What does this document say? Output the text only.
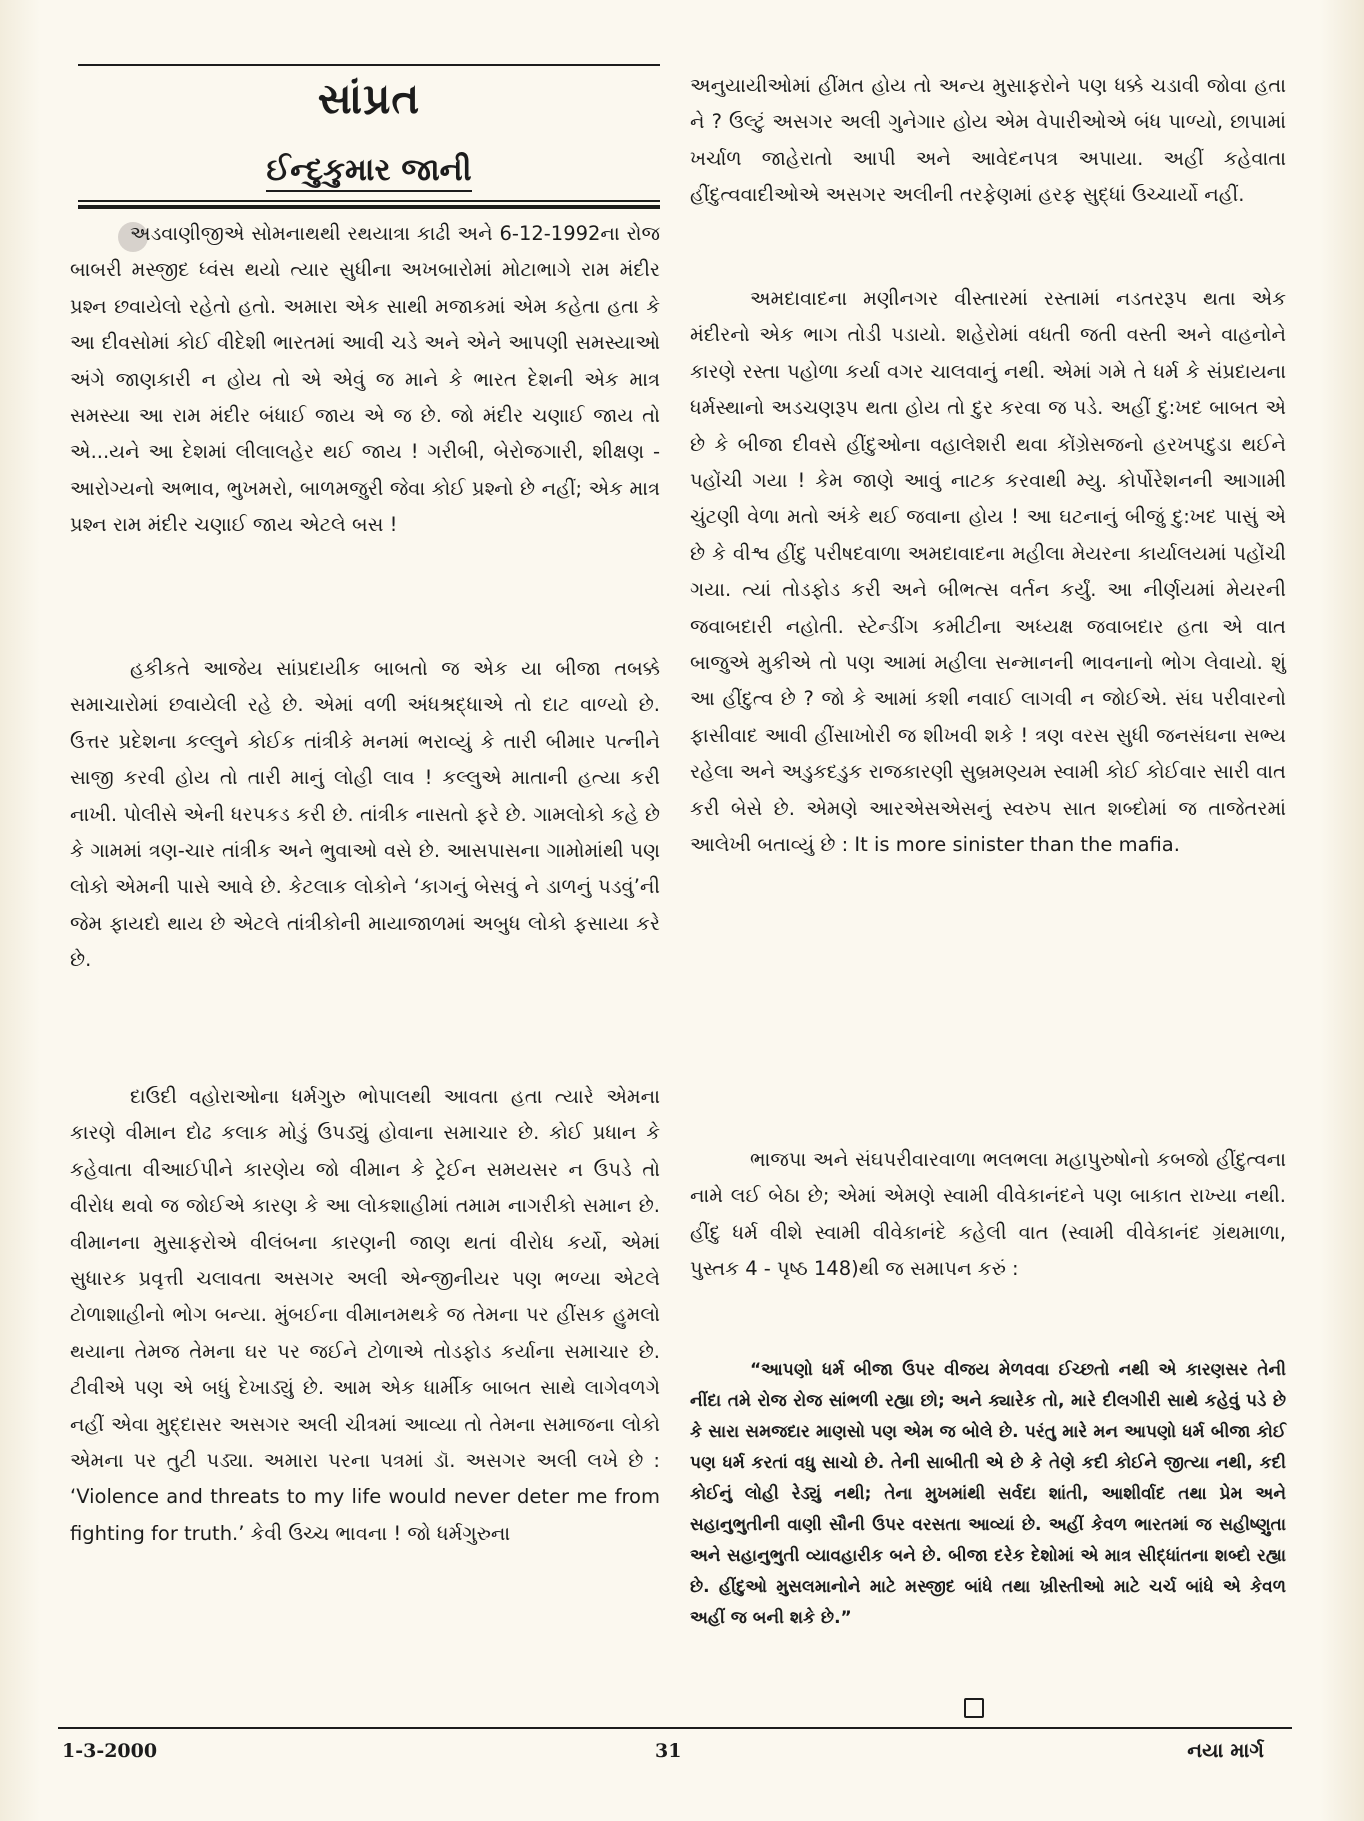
સાંપ્રત
ઈન્દુકુમાર જાની

અડવાણીજીએ સોમનાથથી રથયાત્રા કાઢી અને 6-12-1992ના રોજ બાબરી મસ્જીદ ધ્વંસ થયો ત્યાર સુધીના અખબારોમાં મોટાભાગે રામ મંદીર પ્રશ્ન છવાયેલો રહેતો હતો. અમારા એક સાથી મજાકમાં એમ કહેતા હતા કે આ દીવસોમાં કોઈ વીદેશી ભારતમાં આવી ચડે અને એને આપણી સમસ્યાઓ અંગે જાણકારી ન હોય તો એ એવું જ માને કે ભારત દેશની એક માત્ર સમસ્યા આ રામ મંદીર બંધાઈ જાય એ જ છે. જો મંદીર ચણાઈ જાય તો એ...યને આ દેશમાં લીલાલહેર થઈ જાય ! ગરીબી, બેરોજગારી, શીક્ષણ - આરોગ્યનો અભાવ, ભુખમરો, બાળમજુરી જેવા કોઈ પ્રશ્નો છે નહીં; એક માત્ર પ્રશ્ન રામ મંદીર ચણાઈ જાય એટલે બસ !

હકીકતે આજેય સાંપ્રદાયીક બાબતો જ એક યા બીજા તબક્કે સમાચારોમાં છવાયેલી રહે છે. એમાં વળી અંધશ્રદ્ધાએ તો દાટ વાળ્યો છે. ઉત્તર પ્રદેશના કલ્લુને કોઈક તાંત્રીકે મનમાં ભરાવ્યું કે તારી બીમાર પત્નીને સાજી કરવી હોય તો તારી માનું લોહી લાવ ! કલ્લુએ માતાની હત્યા કરી નાખી. પોલીસે એની ધરપકડ કરી છે. તાંત્રીક નાસતો ફરે છે. ગામલોકો કહે છે કે ગામમાં ત્રણ-ચાર તાંત્રીક અને ભુવાઓ વસે છે. આસપાસના ગામોમાંથી પણ લોકો એમની પાસે આવે છે. કેટલાક લોકોને ‘કાગનું બેસવું ને ડાળનું પડવું’ની જેમ ફાયદો થાય છે એટલે તાંત્રીકોની માયાજાળમાં અબુધ લોકો ફસાયા કરે છે.

દાઉદી વહોરાઓના ધર્મગુરુ ભોપાલથી આવતા હતા ત્યારે એમના કારણે વીમાન દોઢ કલાક મોડું ઉપડ્યું હોવાના સમાચાર છે. કોઈ પ્રધાન કે કહેવાતા વીઆઈપીને કારણેય જો વીમાન કે ટ્રેઈન સમયસર ન ઉપડે તો વીરોધ થવો જ જોઈએ કારણ કે આ લોકશાહીમાં તમામ નાગરીકો સમાન છે. વીમાનના મુસાફરોએ વીલંબના કારણની જાણ થતાં વીરોધ કર્યો, એમાં સુધારક પ્રવૃત્તી ચલાવતા અસગર અલી એન્જીનીયર પણ ભળ્યા એટલે ટોળાશાહીનો ભોગ બન્યા. મુંબઈના વીમાનમથકે જ તેમના પર હીંસક હુમલો થયાના તેમજ તેમના ઘર પર જઈને ટોળાએ તોડફોડ કર્યાના સમાચાર છે. ટીવીએ પણ એ બધું દેખાડ્યું છે. આમ એક ધાર્મીક બાબત સાથે લાગેવળગે નહીં એવા મુદ્દાસર અસગર અલી ચીત્રમાં આવ્યા તો તેમના સમાજના લોકો એમના પર તુટી પડ્યા. અમારા પરના પત્રમાં ડૉ. અસગર અલી લખે છે : ‘Violence and threats to my life would never deter me from fighting for truth.’ કેવી ઉચ્ચ ભાવના ! જો ધર્મગુરુના

અનુયાયીઓમાં હીંમત હોય તો અન્ય મુસાફરોને પણ ધક્કે ચડાવી જોવા હતા ને ? ઉલ્ટું અસગર અલી ગુનેગાર હોય એમ વેપારીઓએ બંધ પાળ્યો, છાપામાં ખર્ચાળ જાહેરાતો આપી અને આવેદનપત્ર અપાયા. અહીં કહેવાતા હીંદુત્વવાદીઓએ અસગર અલીની તરફેણમાં હરફ સુદ્ધાં ઉચ્ચાર્યો નહીં.

અમદાવાદના મણીનગર વીસ્તારમાં રસ્તામાં નડતરરૂપ થતા એક મંદીરનો એક ભાગ તોડી પડાયો. શહેરોમાં વધતી જતી વસ્તી અને વાહનોને કારણે રસ્તા પહોળા કર્યા વગર ચાલવાનું નથી. એમાં ગમે તે ધર્મ કે સંપ્રદાયના ધર્મસ્થાનો અડચણરૂપ થતા હોય તો દુર કરવા જ પડે. અહીં દુ:ખદ બાબત એ છે કે બીજા દીવસે હીંદુઓના વહાલેશરી થવા કોંગ્રેસજનો હરખપદુડા થઈને પહોંચી ગયા ! કેમ જાણે આવું નાટક કરવાથી મ્યુ. કોર્પોરેશનની આગામી ચુંટણી વેળા મતો અંકે થઈ જવાના હોય ! આ ઘટનાનું બીજું દુ:ખદ પાસું એ છે કે વીશ્વ હીંદુ પરીષદવાળા અમદાવાદના મહીલા મેયરના કાર્યાલયમાં પહોંચી ગયા. ત્યાં તોડફોડ કરી અને બીભત્સ વર્તન કર્યું. આ નીર્ણયમાં મેયરની જવાબદારી નહોતી. સ્ટેન્ડીંગ કમીટીના અધ્યક્ષ જવાબદાર હતા એ વાત બાજુએ મુકીએ તો પણ આમાં મહીલા સન્માનની ભાવનાનો ભોગ લેવાયો. શું આ હીંદુત્વ છે ? જો કે આમાં કશી નવાઈ લાગવી ન જોઈએ. સંઘ પરીવારનો ફાસીવાદ આવી હીંસાખોરી જ શીખવી શકે ! ત્રણ વરસ સુધી જનસંઘના સભ્ય રહેલા અને અડુકદડુક રાજકારણી સુબ્રમણ્યમ સ્વામી કોઈ કોઈવાર સારી વાત કરી બેસે છે. એમણે આરએસએસનું સ્વરુપ સાત શબ્દોમાં જ તાજેતરમાં આલેખી બતાવ્યું છે : It is more sinister than the mafia.

ભાજપા અને સંઘપરીવારવાળા ભલભલા મહાપુરુષોનો કબજો હીંદુત્વના નામે લઈ બેઠા છે; એમાં એમણે સ્વામી વીવેકાનંદને પણ બાકાત રાખ્યા નથી. હીંદુ ધર્મ વીશે સ્વામી વીવેકાનંદે કહેલી વાત (સ્વામી વીવેકાનંદ ગ્રંથમાળા, પુસ્તક 4 - પૃષ્ઠ 148)થી જ સમાપન કરું :

“આપણો ધર્મ બીજા ઉપર વીજય મેળવવા ઈચ્છતો નથી એ કારણસર તેની નીંદા તમે રોજ રોજ સાંભળી રહ્યા છો; અને ક્યારેક તો, મારે દીલગીરી સાથે કહેવું પડે છે કે સારા સમજદાર માણસો પણ એમ જ બોલે છે. પરંતુ મારે મન આપણો ધર્મ બીજા કોઈ પણ ધર્મ કરતાં વધુ સાચો છે. તેની સાબીતી એ છે કે તેણે કદી કોઈને જીત્યા નથી, કદી કોઈનું લોહી રેડ્યું નથી; તેના મુખમાંથી સર્વદા શાંતી, આશીર્વાદ તથા પ્રેમ અને સહાનુભુતીની વાણી સૌની ઉપર વરસતા આવ્યાં છે. અહીં કેવળ ભારતમાં જ સહીષ્ણુતા અને સહાનુભુતી વ્યાવહારીક બને છે. બીજા દરેક દેશોમાં એ માત્ર સીદ્ધાંતના શબ્દો રહ્યા છે. હીંદુઓ મુસલમાનોને માટે મસ્જીદ બાંધે તથા ખ્રીસ્તીઓ માટે ચર્ચ બાંધે એ કેવળ અહીં જ બની શકે છે.”

1-3-2000	31	નયા માર્ગ
